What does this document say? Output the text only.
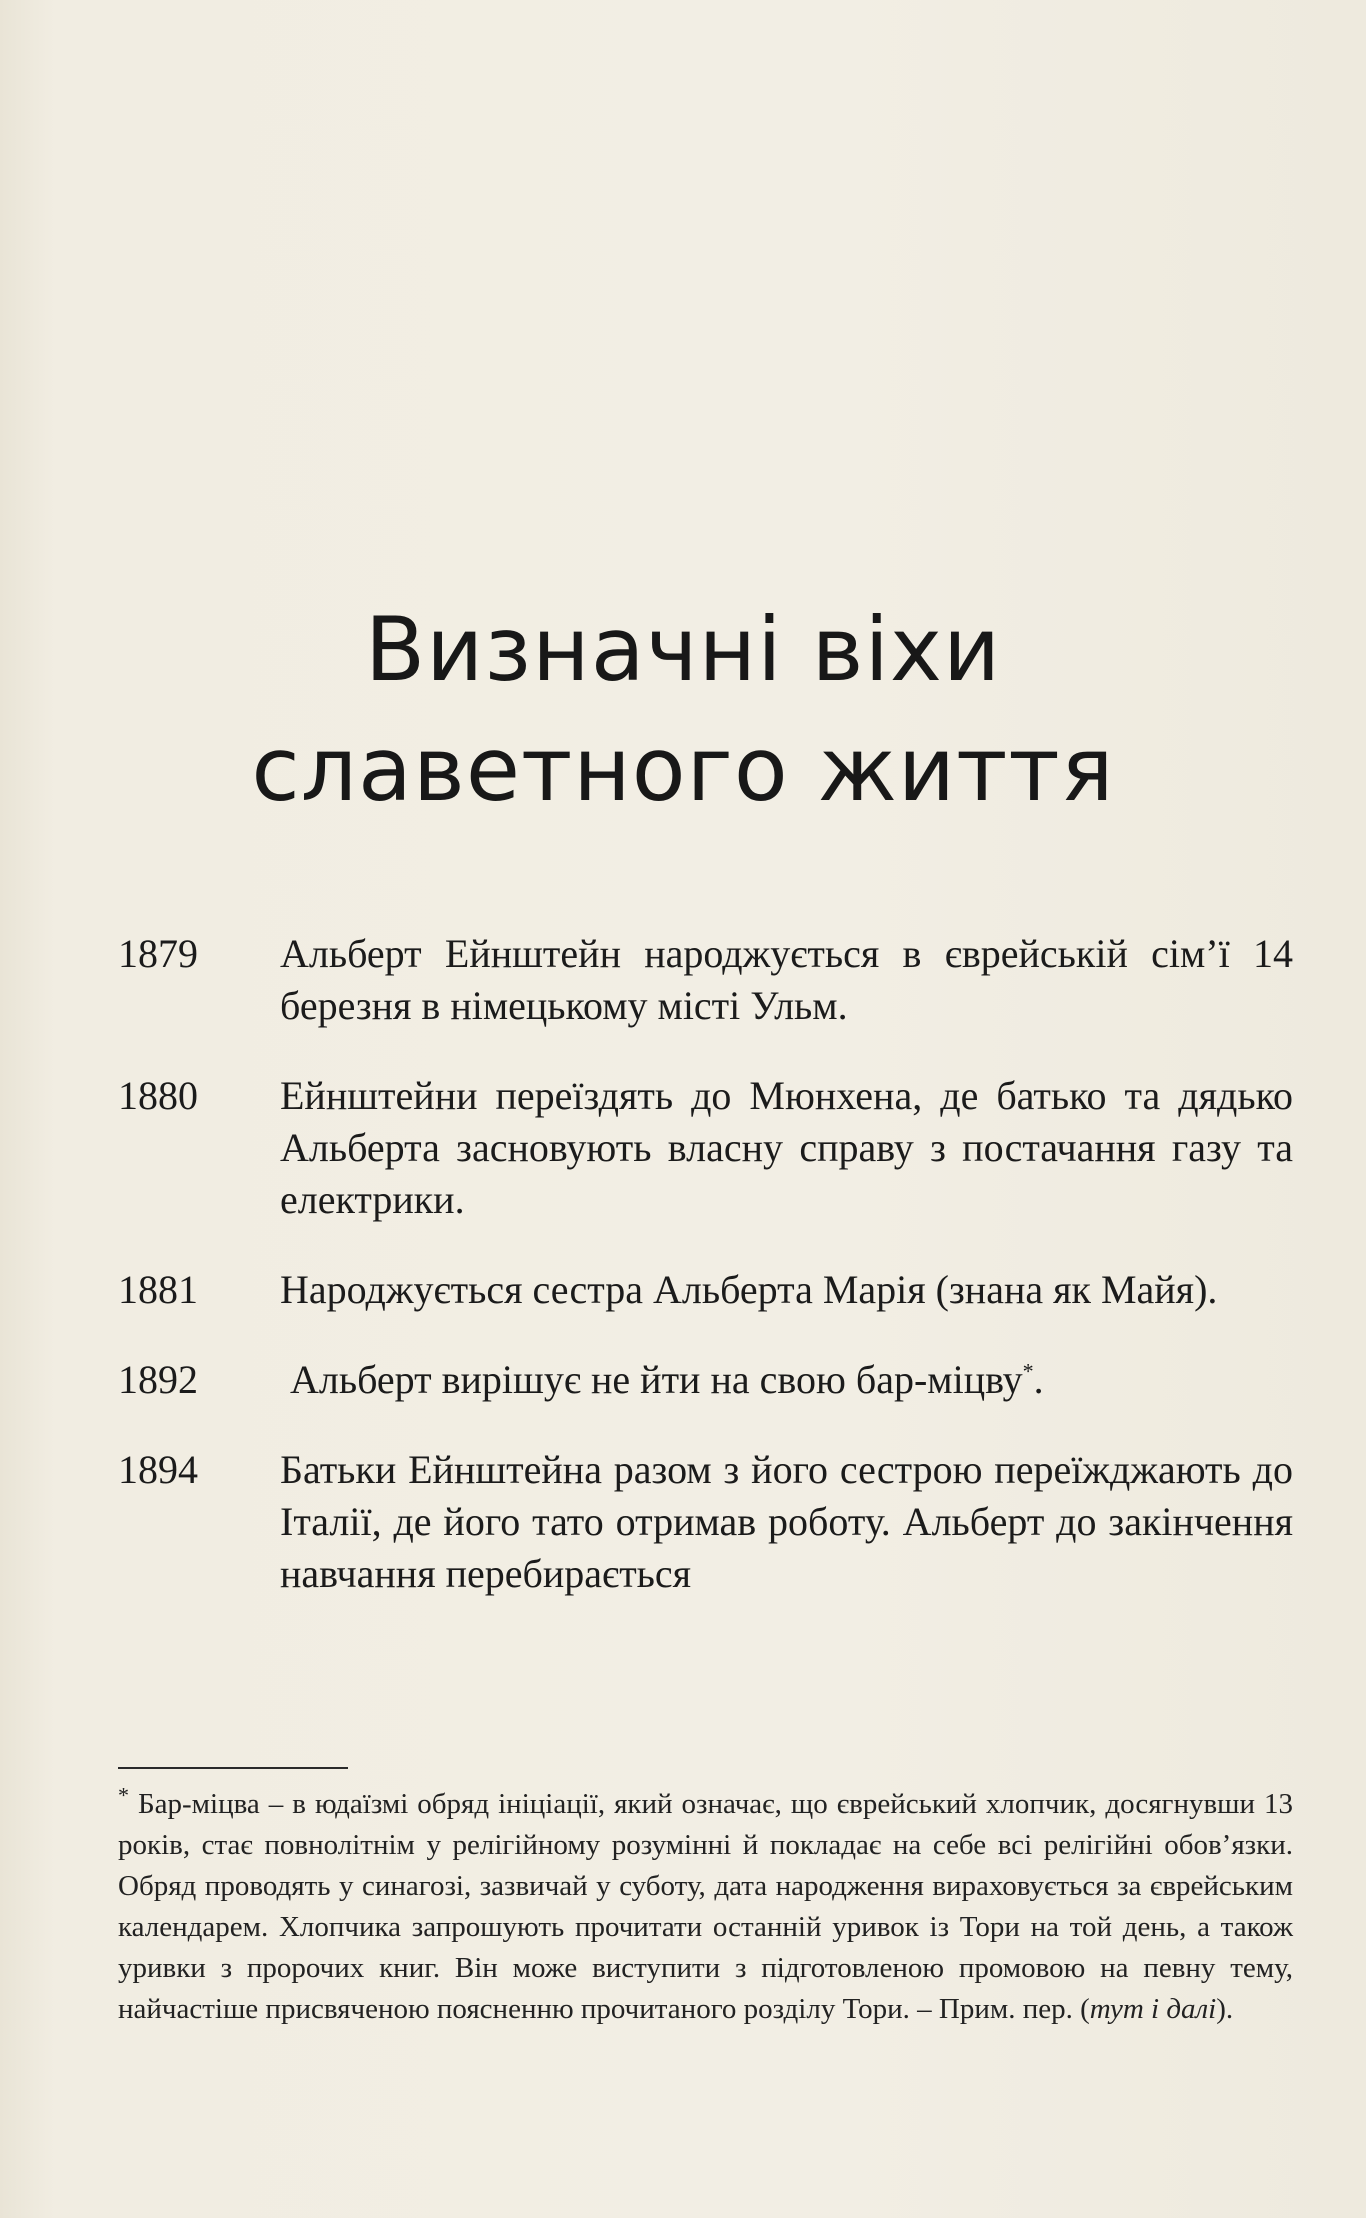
Визначні віхи
славетного життя
1879	Альберт Ейнштейн народжується в єврейській сім’ї 14 березня в німецькому місті Ульм.
1880	Ейнштейни переїздять до Мюнхена, де батько та дядько Альберта засновують власну справу з постачання газу та електрики.
1881	Народжується сестра Альберта Марія (знана як Майя).
1892	Альберт вирішує не йти на свою бар-міцву*.
1894	Батьки Ейнштейна разом з його сестрою переїжджають до Італії, де його тато отримав роботу. Альберт до закінчення навчання перебирається
* Бар-міцва – в юдаїзмі обряд ініціації, який означає, що єврейський хлопчик, досягнувши 13 років, стає повнолітнім у релігійному розумінні й покладає на себе всі релігійні обов’язки. Обряд проводять у синагозі, зазвичай у суботу, дата народження вираховується за єврейським календарем. Хлопчика запрошують прочитати останній уривок із Тори на той день, а також уривки з пророчих книг. Він може виступити з підготовленою промовою на певну тему, найчастіше присвяченою поясненню прочитаного розділу Тори. – Прим. пер. (тут і далі).
